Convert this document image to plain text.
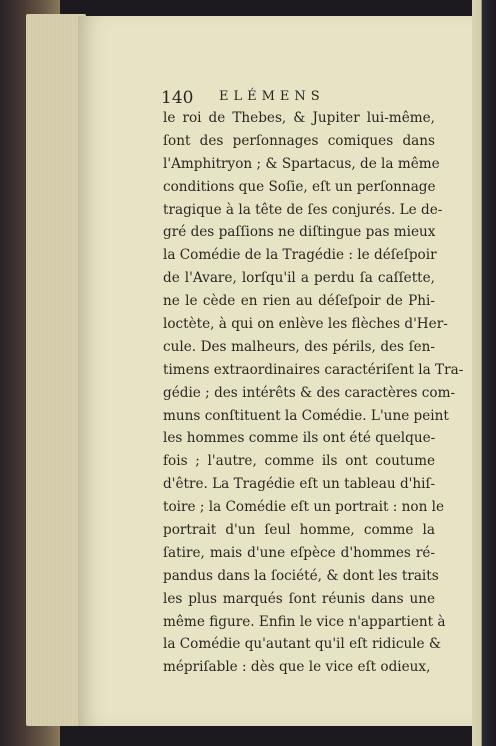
140 ELÉMENS
le roi de Thebes, & Jupiter lui-même,
ſont des perſonnages comiques dans
l'Amphitryon ; & Spartacus, de la même
conditions que Soſie, eſt un perſonnage
tragique à la tête de ſes conjurés. Le de-
gré des paſſions ne diſtingue pas mieux
la Comédie de la Tragédie : le déſeſpoir
de l'Avare, lorſqu'il a perdu ſa caſſette,
ne le cède en rien au déſeſpoir de Phi-
loctète, à qui on enlève les flèches d'Her-
cule. Des malheurs, des périls, des ſen-
timens extraordinaires caractériſent la Tra-
gédie ; des intérêts & des caractères com-
muns conſtituent la Comédie. L'une peint
les hommes comme ils ont été quelque-
fois ; l'autre, comme ils ont coutume
d'être. La Tragédie eſt un tableau d'hiſ-
toire ; la Comédie eſt un portrait : non le
portrait d'un ſeul homme, comme la
ſatire, mais d'une eſpèce d'hommes ré-
pandus dans la ſociété, & dont les traits
les plus marqués ſont réunis dans une
même figure. Enfin le vice n'appartient à
la Comédie qu'autant qu'il eſt ridicule &
mépriſable : dès que le vice eſt odieux,
